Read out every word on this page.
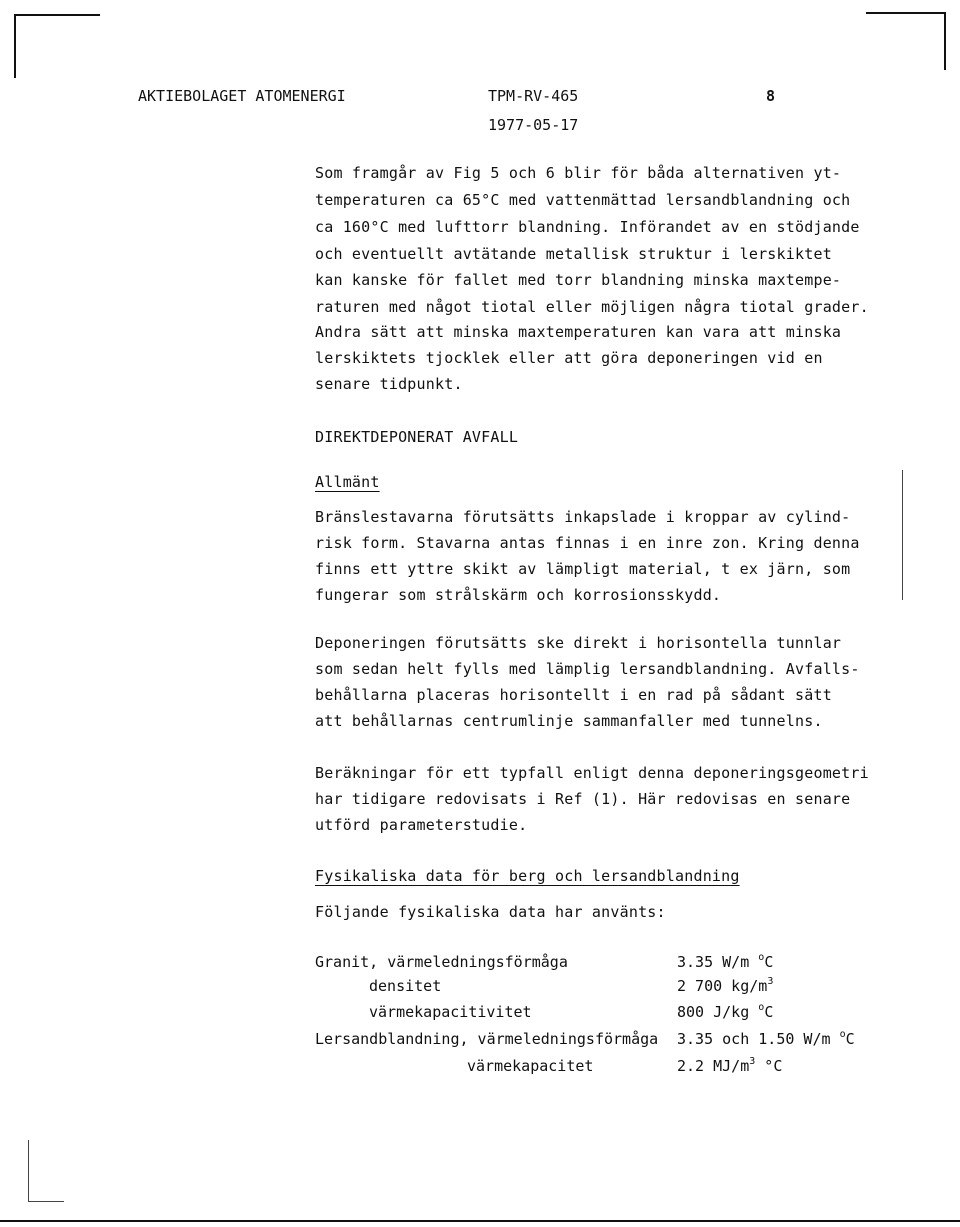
AKTIEBOLAGET ATOMENERGI	TPM-RV-465	8
1977-05-17
Som framgår av Fig 5 och 6 blir för båda alternativen yt-
temperaturen ca 65°C med vattenmättad lersandblandning och
ca 160°C med lufttorr blandning. Införandet av en stödjande
och eventuellt avtätande metallisk struktur i lerskiktet
kan kanske för fallet med torr blandning minska maxtempe-
raturen med något tiotal eller möjligen några tiotal grader.
Andra sätt att minska maxtemperaturen kan vara att minska
lerskiktets tjocklek eller att göra deponeringen vid en
senare tidpunkt.
DIREKTDEPONERAT AVFALL
Allmänt
Bränslestavarna förutsätts inkapslade i kroppar av cylind-
risk form. Stavarna antas finnas i en inre zon. Kring denna
finns ett yttre skikt av lämpligt material, t ex järn, som
fungerar som strålskärm och korrosionsskydd.
Deponeringen förutsätts ske direkt i horisontella tunnlar
som sedan helt fylls med lämplig lersandblandning. Avfalls-
behållarna placeras horisontellt i en rad på sådant sätt
att behållarnas centrumlinje sammanfaller med tunnelns.
Beräkningar för ett typfall enligt denna deponeringsgeometri
har tidigare redovisats i Ref (1). Här redovisas en senare
utförd parameterstudie.
Fysikaliska data för berg och lersandblandning
Följande fysikaliska data har använts:
Granit, värmeledningsförmåga	3.35 W/m $^o$C
densitet	2 700 $kg/m^3$
värmekapacitivitet	800 J/kg $^o$C
Lersandblandning, värmeledningsförmåga 3.35 och 1.50 W/m $^o$C
värmekapacitet	2.2 $MJ/m^3$ °C
